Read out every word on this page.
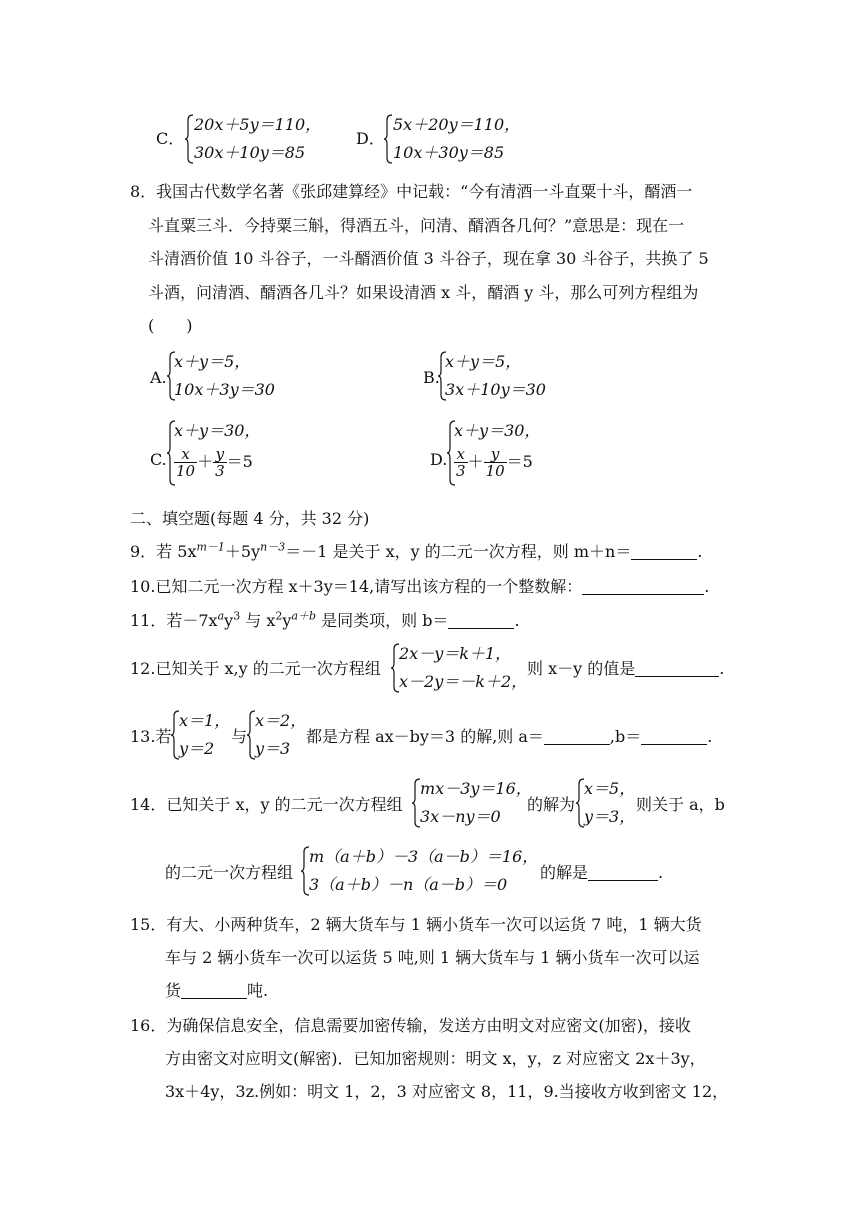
C．
20x＋5y＝110，
30x＋10y＝85
D．
5x＋20y＝110，
10x＋30y＝85
8．我国古代数学名著《张邱建算经》中记载：“今有清酒一斗直粟十斗，醑酒一
斗直粟三斗．今持粟三斛，得酒五斗，问清、醑酒各几何？”意思是：现在一
斗清酒价值 10 斗谷子，一斗醑酒价值 3 斗谷子，现在拿 30 斗谷子，共换了 5
斗酒，问清酒、醑酒各几斗？如果设清酒 x 斗，醑酒 y 斗，那么可列方程组为
(　　)
A.
x＋y＝5，
10x＋3y＝30
B.
x＋y＝5，
3x＋10y＝30
C.
x＋y＝30，
$\frac{x}{10} + \frac{y}{3} =5$	D.
x＋y＝30，
$\frac{x}{3} + \frac{y}{10} =5$
二、填空题(每题 4 分，共 32 分)
9．若 $5x^{m-1}+5y^{n-3}=-1$ 是关于 x，y 的二元一次方程，则 m＋n＝	.
10.已知二元一次方程 x＋3y＝14,请写出该方程的一个整数解：	.
11．若$-7x^ay^3$ 与 $x^2y^{a+b}$ 是同类项，则 b＝	.
12.已知关于 x,y 的二元一次方程组
2x－y＝k＋1，
x－2y＝－k＋2，
则 x－y 的值是	.
13.若
x＝1，
y＝2
与
x＝2，
y＝3
都是方程 ax－by＝3 的解,则 a＝	,b＝	.
14．已知关于 x，y 的二元一次方程组
mx－3y＝16，
3x－ny＝0
的解为
x＝5，
y＝3，
则关于 a，b
的二元一次方程组
m（a＋b）－3（a－b）＝16，
3（a＋b）－n（a－b）＝0
的解是	.
15．有大、小两种货车，2 辆大货车与 1 辆小货车一次可以运货 7 吨，1 辆大货
车与 2 辆小货车一次可以运货 5 吨,则 1 辆大货车与 1 辆小货车一次可以运
货	吨.
16．为确保信息安全，信息需要加密传输，发送方由明文对应密文(加密)，接收
方由密文对应明文(解密)．已知加密规则：明文 x，y，z 对应密文 2x＋3y，
3x＋4y，3z.例如：明文 1，2，3 对应密文 8，11，9.当接收方收到密文 12，
